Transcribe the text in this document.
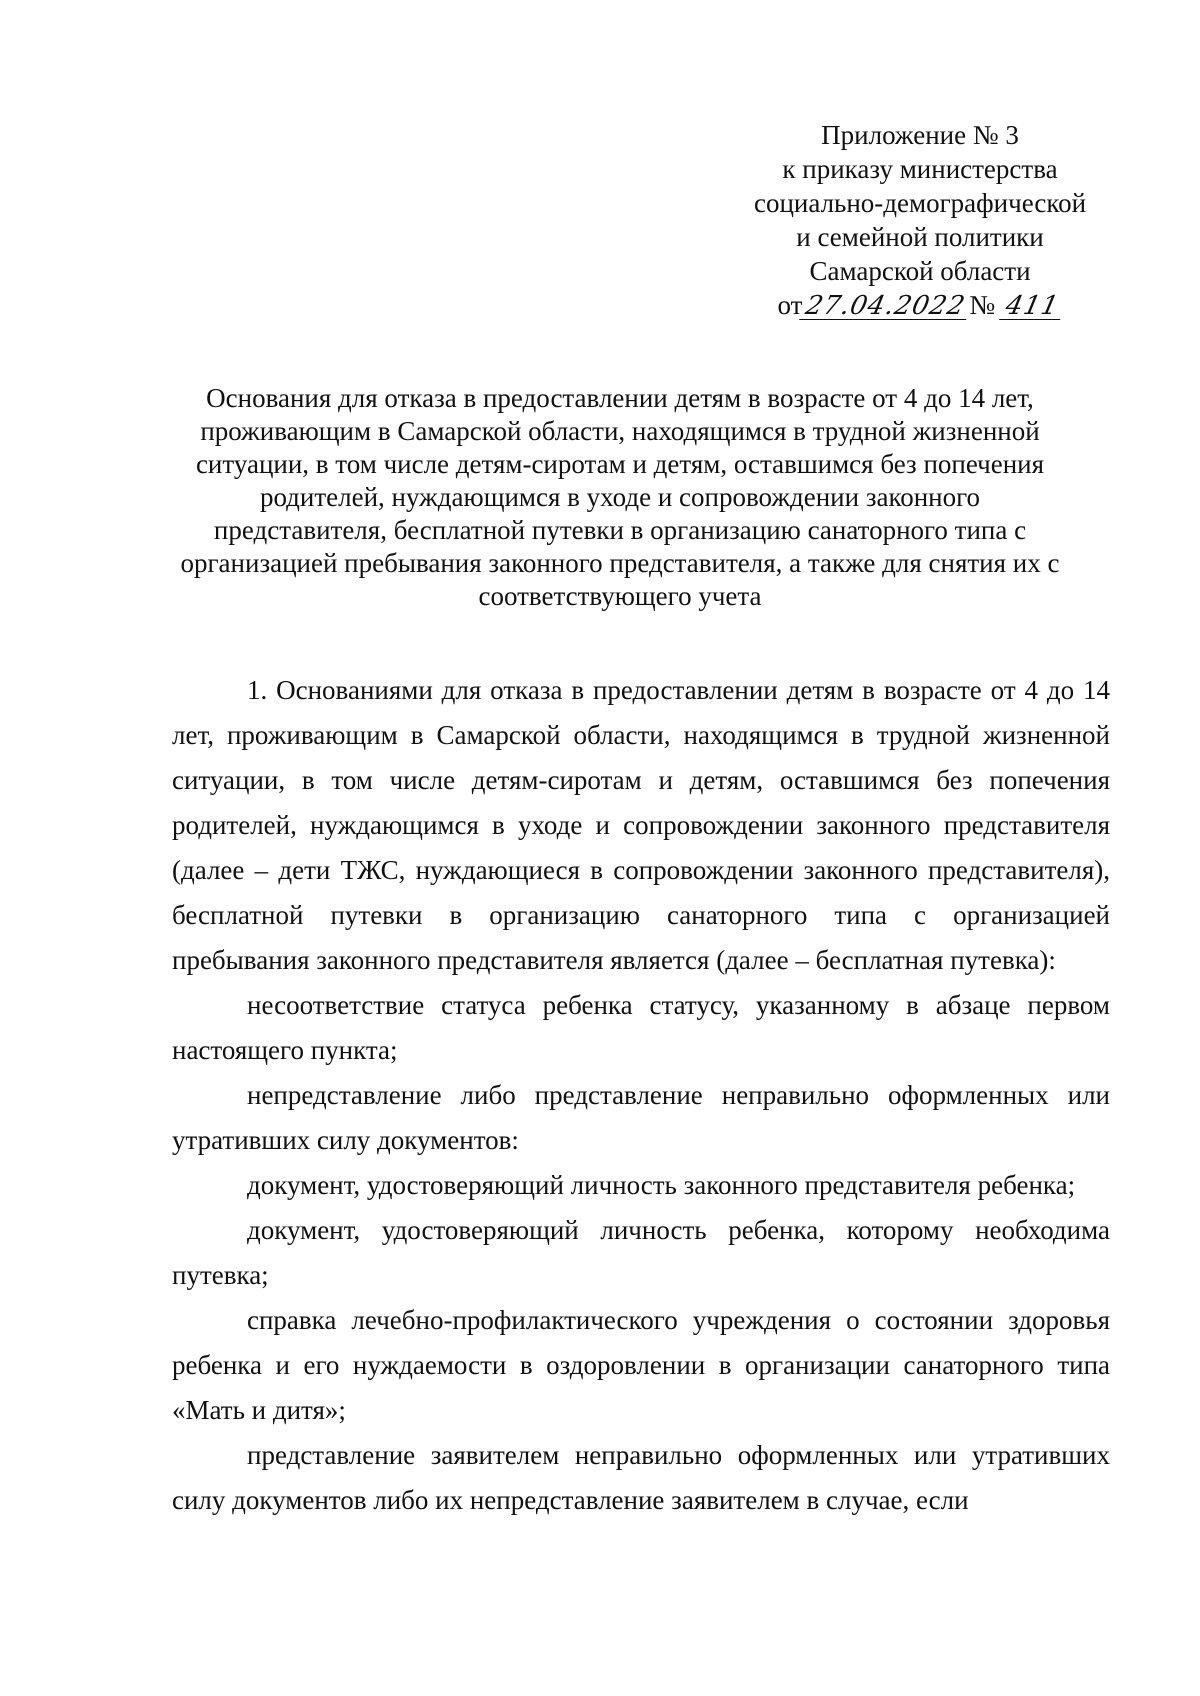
Приложение № 3
к приказу министерства
социально-демографической
и семейной политики
Самарской области
от27.04.2022№ 411
Основания для отказа в предоставлении детям в возрасте от 4 до 14 лет,
проживающим в Самарской области, находящимся в трудной жизненной
ситуации, в том числе детям-сиротам и детям, оставшимся без попечения
родителей, нуждающимся в уходе и сопровождении законного
представителя, бесплатной путевки в организацию санаторного типа с
организацией пребывания законного представителя, а также для снятия их с
соответствующего учета

1. Основаниями для отказа в предоставлении детям в возрасте от 4 до 14 лет, проживающим в Самарской области, находящимся в трудной жизненной ситуации, в том числе детям-сиротам и детям, оставшимся без попечения родителей, нуждающимся в уходе и сопровождении законного представителя (далее – дети ТЖС, нуждающиеся в сопровождении законного представителя), бесплатной путевки в организацию санаторного типа с организацией пребывания законного представителя является (далее – бесплатная путевка):

несоответствие статуса ребенка статусу, указанному в абзаце первом настоящего пункта;

непредставление либо представление неправильно оформленных или утративших силу документов:

документ, удостоверяющий личность законного представителя ребенка;

документ, удостоверяющий личность ребенка, которому необходима путевка;

справка лечебно-профилактического учреждения о состоянии здоровья ребенка и его нуждаемости в оздоровлении в организации санаторного типа «Мать и дитя»;

представление заявителем неправильно оформленных или утративших силу документов либо их непредставление заявителем в случае, если
